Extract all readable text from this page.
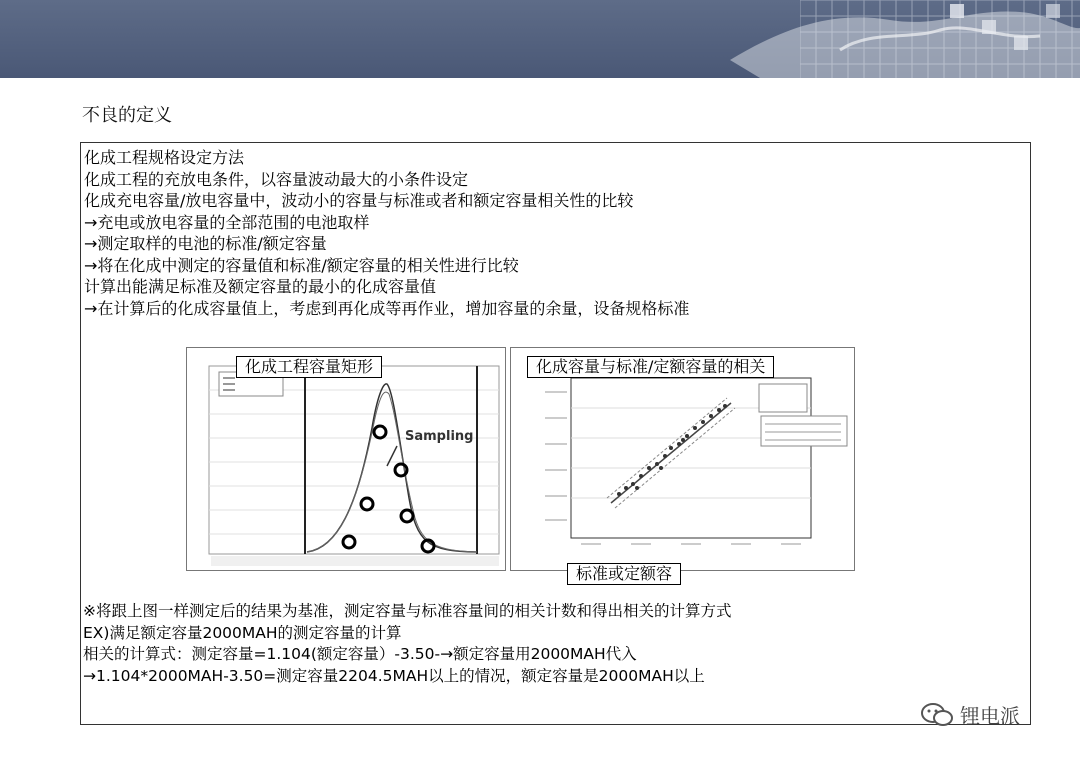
不良的定义
化成工程规格设定方法
化成工程的充放电条件，以容量波动最大的小条件设定
化成充电容量/放电容量中，波动小的容量与标准或者和额定容量相关性的比较
→充电或放电容量的全部范围的电池取样
→测定取样的电池的标准/额定容量
→将在化成中测定的容量值和标准/额定容量的相关性进行比较
计算出能满足标准及额定容量的最小的化成容量值
→在计算后的化成容量值上，考虑到再化成等再作业，增加容量的余量，设备规格标准
Sampling
化成工程容量矩形	化成容量与标准/定额容量的相关
标准或定额容
※将跟上图一样测定后的结果为基准，测定容量与标准容量间的相关计数和得出相关的计算方式
EX)满足额定容量2000MAH的测定容量的计算
相关的计算式：测定容量=1.104(额定容量）-3.50-→额定容量用2000MAH代入
→1.104*2000MAH-3.50=测定容量2204.5MAH以上的情况，额定容量是2000MAH以上
锂电派
